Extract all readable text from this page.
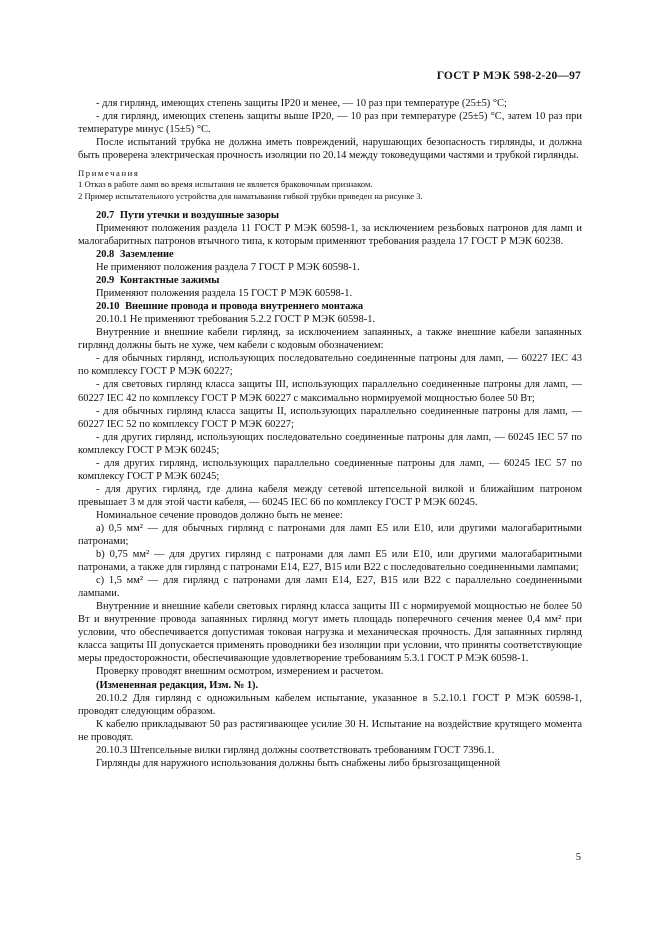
ГОСТ Р МЭК 598-2-20—97

- для гирлянд, имеющих степень защиты IP20 и менее, — 10 раз при температуре (25±5) °С;

- для гирлянд, имеющих степень защиты выше IP20, — 10 раз при температуре (25±5) °С, затем 10 раз при температуре минус (15±5) °С.

После испытаний трубка не должна иметь повреждений, нарушающих безопасность гирлянды, и должна быть проверена электрическая прочность изоляции по 20.14 между токоведущими частями и трубкой гирлянды.

Примечания

1 Отказ в работе ламп во время испытания не является браковочным признаком.

2 Пример испытательного устройства для наматывания гибкой трубки приведен на рисунке 3.

20.7 Пути утечки и воздушные зазоры

Применяют положения раздела 11 ГОСТ Р МЭК 60598-1, за исключением резьбовых патронов для ламп и малогабаритных патронов втычного типа, к которым применяют требования раздела 17 ГОСТ Р МЭК 60238.

20.8 Заземление

Не применяют положения раздела 7 ГОСТ Р МЭК 60598-1.

20.9 Контактные зажимы

Применяют положения раздела 15 ГОСТ Р МЭК 60598-1.

20.10 Внешние провода и провода внутреннего монтажа

20.10.1 Не применяют требования 5.2.2 ГОСТ Р МЭК 60598-1.

Внутренние и внешние кабели гирлянд, за исключением запаянных, а также внешние кабели запаянных гирлянд должны быть не хуже, чем кабели с кодовым обозначением:

- для обычных гирлянд, использующих последовательно соединенные патроны для ламп, — 60227 IEC 43 по комплексу ГОСТ Р МЭК 60227;

- для световых гирлянд класса защиты III, использующих параллельно соединенные патроны для ламп, — 60227 IEC 42 по комплексу ГОСТ Р МЭК 60227 с максимально нормируемой мощностью более 50 Вт;

- для обычных гирлянд класса защиты II, использующих параллельно соединенные патроны для ламп, — 60227 IEC 52 по комплексу ГОСТ Р МЭК 60227;

- для других гирлянд, использующих последовательно соединенные патроны для ламп, — 60245 IEC 57 по комплексу ГОСТ Р МЭК 60245;

- для других гирлянд, использующих параллельно соединенные патроны для ламп, — 60245 IEC 57 по комплексу ГОСТ Р МЭК 60245;

- для других гирлянд, где длина кабеля между сетевой штепсельной вилкой и ближайшим патроном превышает 3 м для этой части кабеля, — 60245 IEC 66 по комплексу ГОСТ Р МЭК 60245.

Номинальное сечение проводов должно быть не менее:

a) 0,5 мм² — для обычных гирлянд с патронами для ламп Е5 или Е10, или другими малогабаритными патронами;

b) 0,75 мм² — для других гирлянд с патронами для ламп Е5 или Е10, или другими малогабаритными патронами, а также для гирлянд с патронами Е14, Е27, В15 или В22 с последовательно соединенными лампами;

c) 1,5 мм² — для гирлянд с патронами для ламп Е14, Е27, В15 или В22 с параллельно соединенными лампами.

Внутренние и внешние кабели световых гирлянд класса защиты III с нормируемой мощностью не более 50 Вт и внутренние провода запаянных гирлянд могут иметь площадь поперечного сечения менее 0,4 мм² при условии, что обеспечивается допустимая токовая нагрузка и механическая прочность. Для запаянных гирлянд класса защиты III допускается применять проводники без изоляции при условии, что приняты соответствующие меры предосторожности, обеспечивающие удовлетворение требованиям 5.3.1 ГОСТ Р МЭК 60598-1.

Проверку проводят внешним осмотром, измерением и расчетом.

(Измененная редакция, Изм. № 1).

20.10.2 Для гирлянд с одножильным кабелем испытание, указанное в 5.2.10.1 ГОСТ Р МЭК 60598-1, проводят следующим образом.

К кабелю прикладывают 50 раз растягивающее усилие 30 Н. Испытание на воздействие крутящего момента не проводят.

20.10.3 Штепсельные вилки гирлянд должны соответствовать требованиям ГОСТ 7396.1.

Гирлянды для наружного использования должны быть снабжены либо брызгозащищенной

5
